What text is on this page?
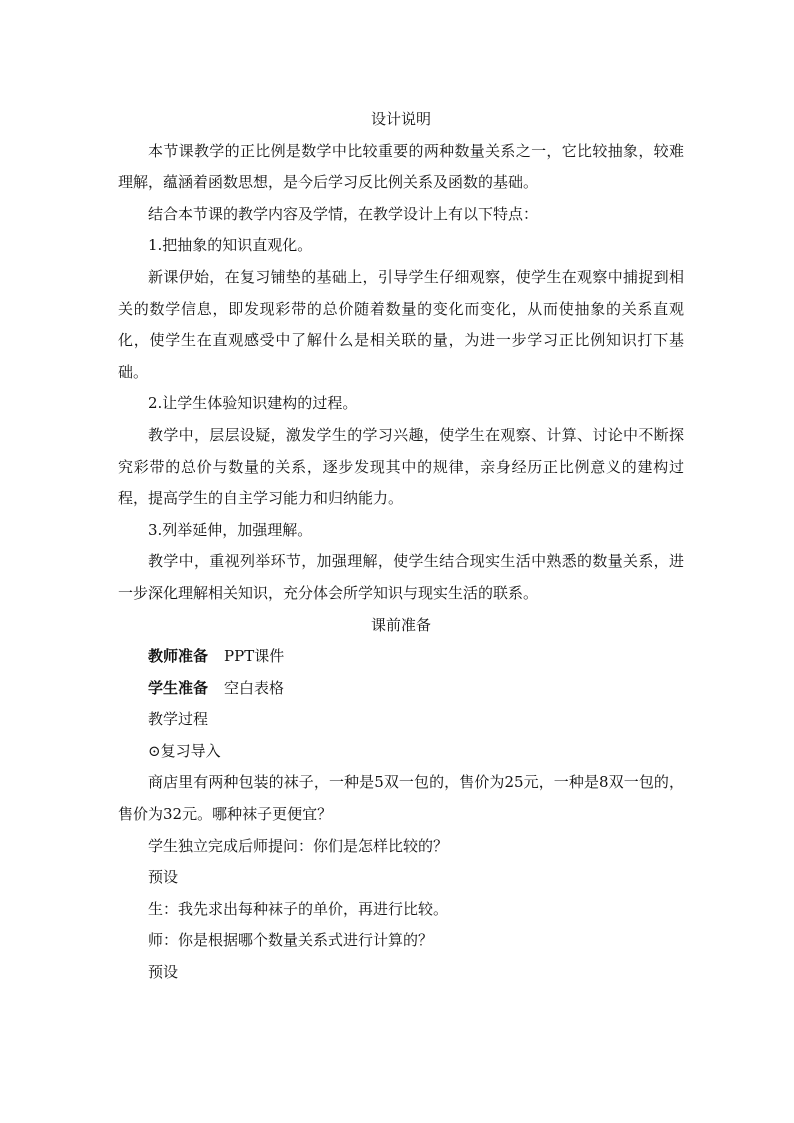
设计说明

本节课教学的正比例是数学中比较重要的两种数量关系之一，它比较抽象，较难理解，蕴涵着函数思想，是今后学习反比例关系及函数的基础。

结合本节课的教学内容及学情，在教学设计上有以下特点：

1.把抽象的知识直观化。

新课伊始，在复习铺垫的基础上，引导学生仔细观察，使学生在观察中捕捉到相关的数学信息，即发现彩带的总价随着数量的变化而变化，从而使抽象的关系直观化，使学生在直观感受中了解什么是相关联的量，为进一步学习正比例知识打下基础。

2.让学生体验知识建构的过程。

教学中，层层设疑，激发学生的学习兴趣，使学生在观察、计算、讨论中不断探究彩带的总价与数量的关系，逐步发现其中的规律，亲身经历正比例意义的建构过程，提高学生的自主学习能力和归纳能力。

3.列举延伸，加强理解。

教学中，重视列举环节，加强理解，使学生结合现实生活中熟悉的数量关系，进一步深化理解相关知识，充分体会所学知识与现实生活的联系。

课前准备

教师准备 PPT课件

学生准备 空白表格

教学过程

⊙复习导入

商店里有两种包装的袜子，一种是5双一包的，售价为25元，一种是8双一包的，售价为32元。哪种袜子更便宜？

学生独立完成后师提问：你们是怎样比较的？

预设

生：我先求出每种袜子的单价，再进行比较。

师：你是根据哪个数量关系式进行计算的？

预设
